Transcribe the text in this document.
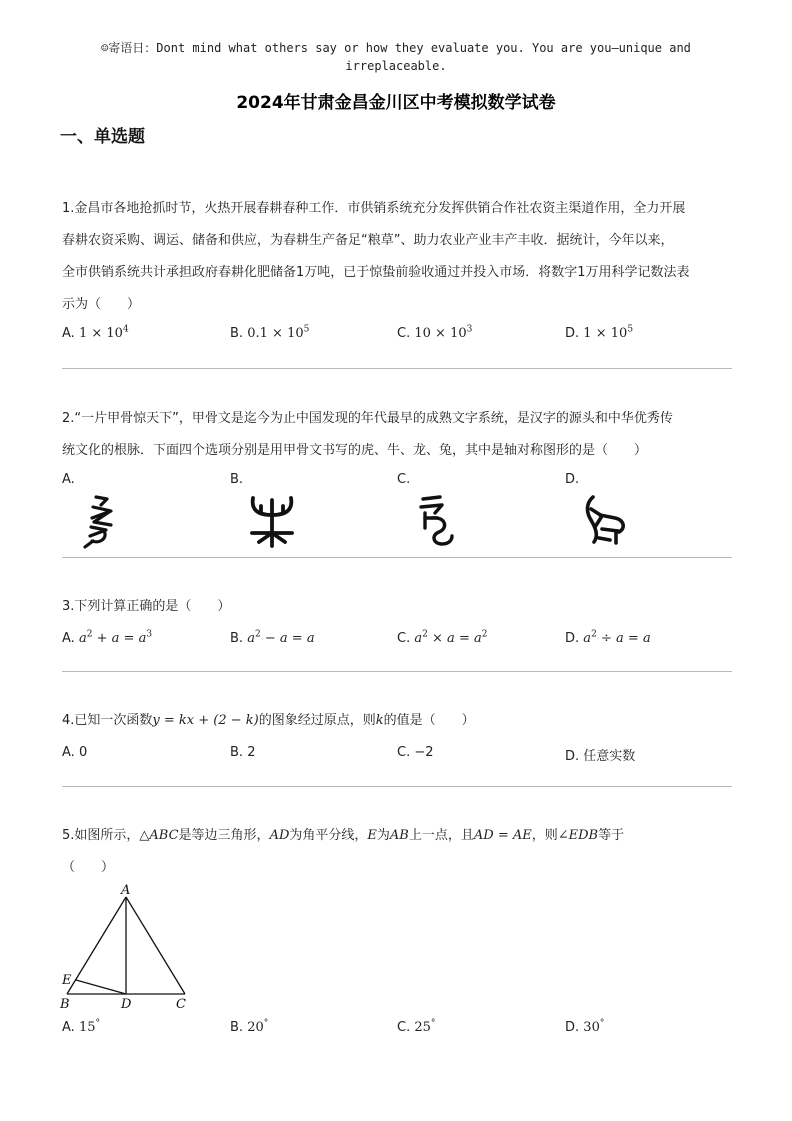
☺寄语日：Dont mind what others say or how they evaluate you. You are you—unique and
irreplaceable.
2024年甘肃金昌金川区中考模拟数学试卷
一、单选题
1.金昌市各地抢抓时节，火热开展春耕春种工作．市供销系统充分发挥供销合作社农资主渠道作用，全力开展
春耕农资采购、调运、储备和供应，为春耕生产备足“粮草”、助力农业产业丰产丰收．据统计，今年以来，
全市供销系统共计承担政府春耕化肥储备1万吨，已于惊蛰前验收通过并投入市场．将数字1万用科学记数法表
示为（　　）
A. $1 \times 10^4$	B. $0.1 \times 10^5$	C. $10 \times 10^3$	D. $1 \times 10^5$
2.“一片甲骨惊天下”，甲骨文是迄今为止中国发现的年代最早的成熟文字系统，是汉字的源头和中华优秀传
统文化的根脉．下面四个选项分别是用甲骨文书写的虎、牛、龙、兔，其中是轴对称图形的是（　　）
A.	B.	C.	D.
3.下列计算正确的是（　　）
A. $a^2 + a = a^3$	B. $a^2 - a = a$	C. $a^2 \times a = a^2$	D. $a^2 \div a = a$
4.已知一次函数y = kx + (2 − k)的图象经过原点，则k的值是（　　）
A. 0	B. 2	C. −2	D. 任意实数
5.如图所示，△ABC是等边三角形，AD为角平分线，E为AB上一点，且AD = AE，则∠EDB等于
（　　）
A
E
B	D	C
A. 15°	B. 20°	C. 25°	D. 30°
